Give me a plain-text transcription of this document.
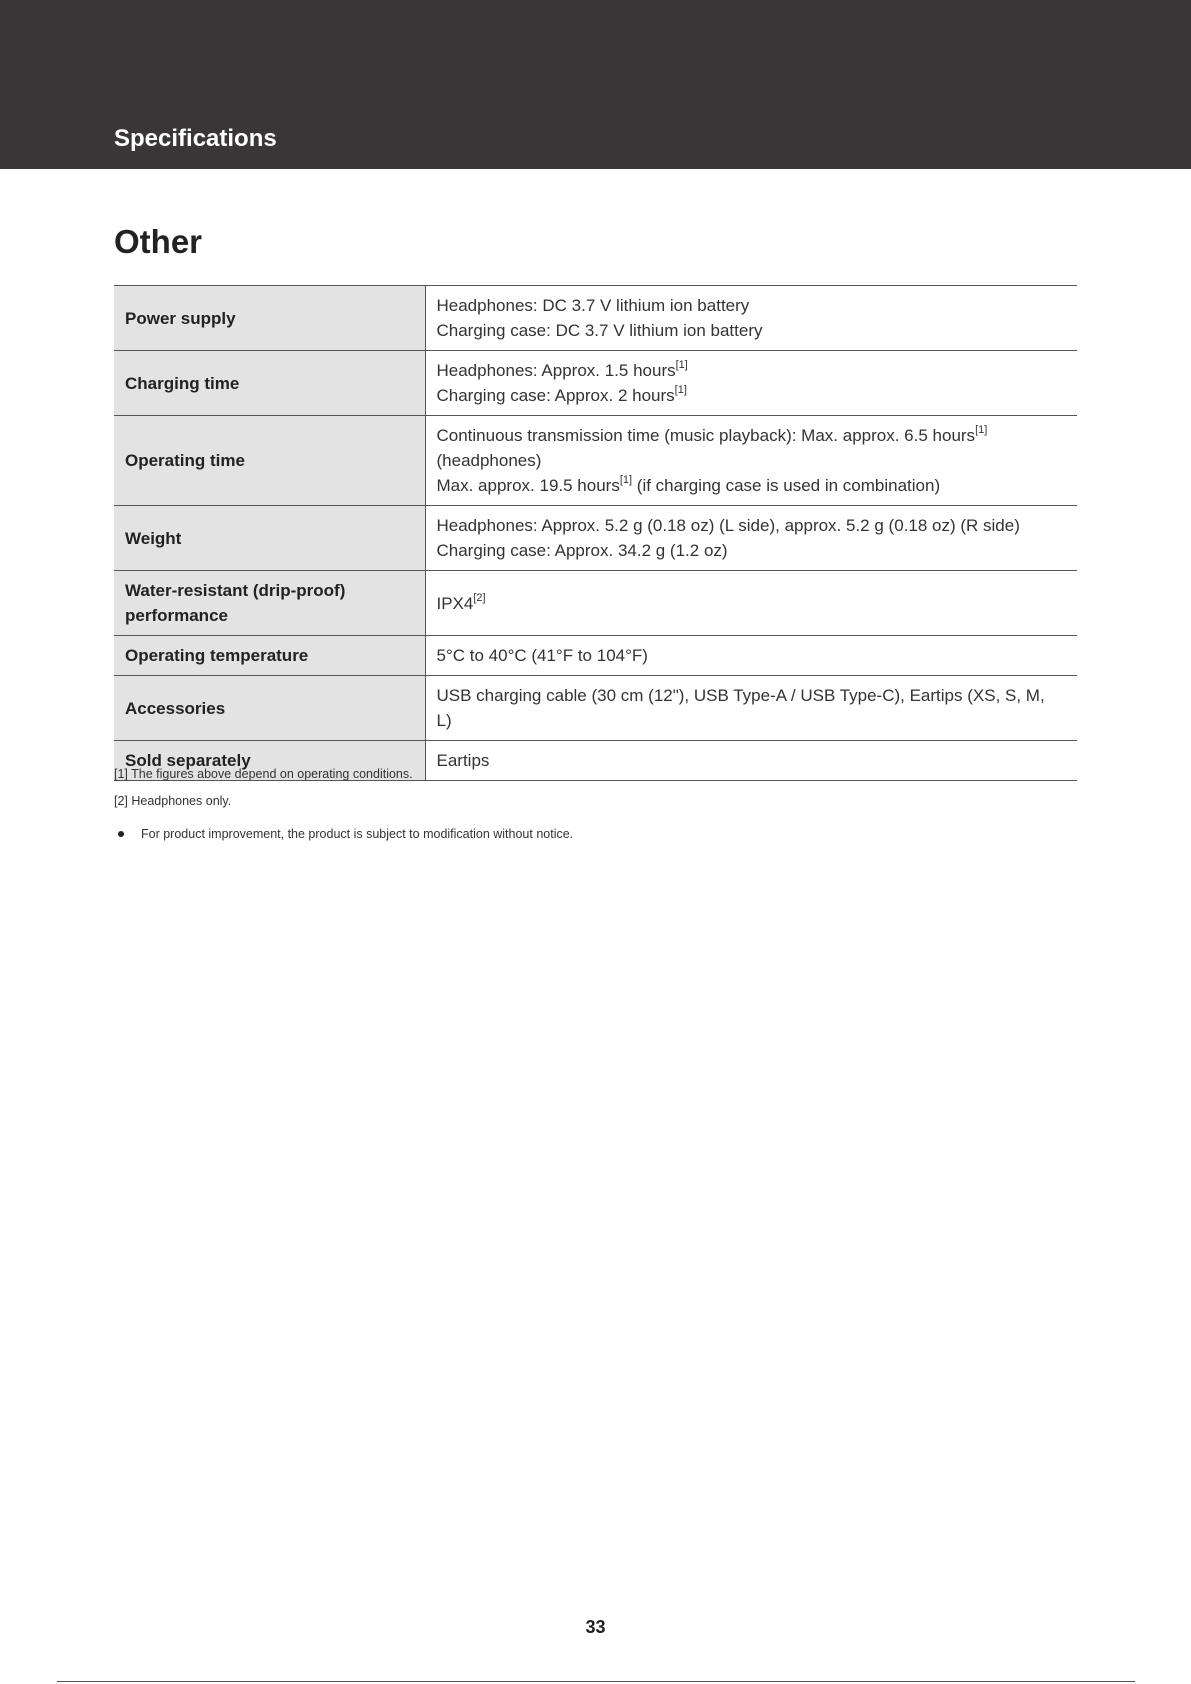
Specifications
Other
Power supply	Headphones: DC 3.7 V lithium ion battery
Charging case: DC 3.7 V lithium ion battery

Charging time	Headphones: Approx. 1.5 hours[1]
Charging case: Approx. 2 hours[1]

Operating time	Continuous transmission time (music playback): Max. approx. 6.5 hours[1]
(headphones)
Max. approx. 19.5 hours[1] (if charging case is used in combination)

Weight	Headphones: Approx. 5.2 g (0.18 oz) (L side), approx. 5.2 g (0.18 oz) (R side)
Charging case: Approx. 34.2 g (1.2 oz)

Water-resistant (drip-proof) performance	IPX4[2]

Operating temperature	5°C to 40°C (41°F to 104°F)

Accessories	USB charging cable (30 cm (12"), USB Type-A / USB Type-C), Eartips (XS, S, M, L)

Sold separately	Eartips

[1] The figures above depend on operating conditions.

[2] Headphones only.

For product improvement, the product is subject to modification without notice.

33
